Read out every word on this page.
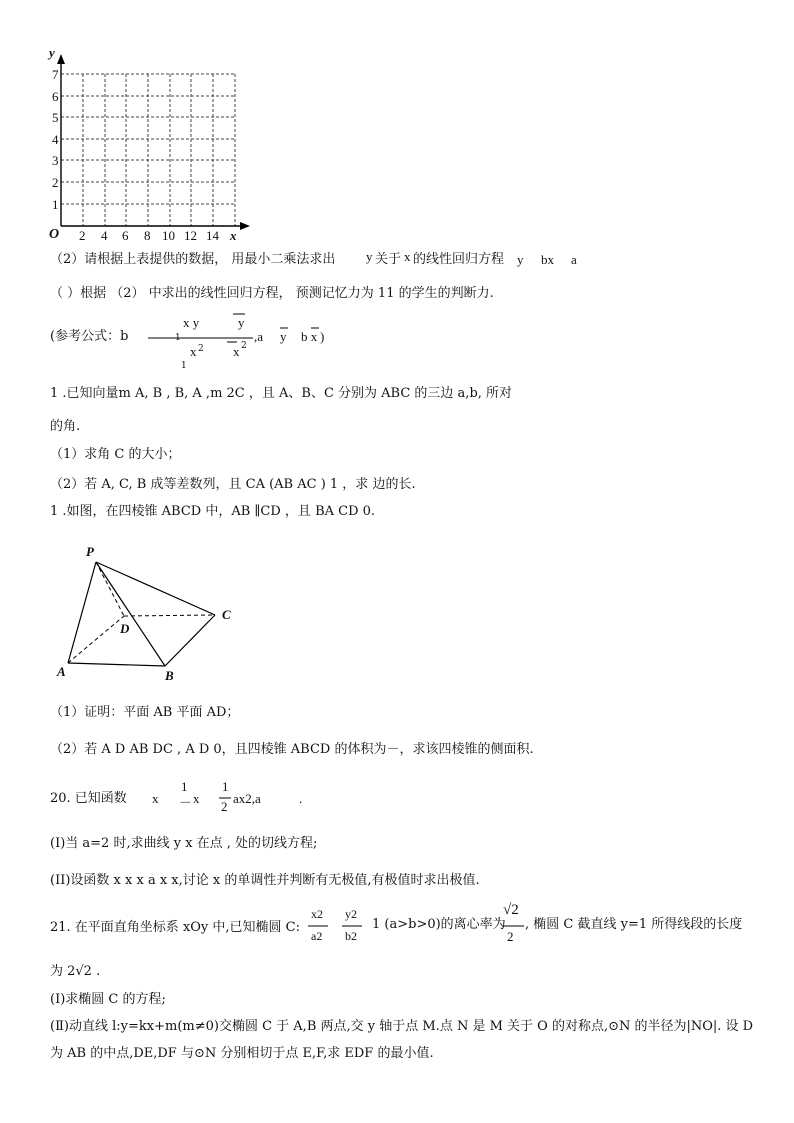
y
x
O
7
6
5
4
3
2
1
2 4 6 8 10 12 14
（2）请根据上表提供的数据， 用最小二乘法求出 y 关于 x 的线性回归方程 y bx a
（ ）根据 （2） 中求出的线性回归方程， 预测记忆力为 11 的学生的判断力.
(参考公式：b
x y	y
1
x 2 x 2
1
,a y b x )
1 .已知向量m A, B , B, A ,m 2C ，且 A、B、C 分别为 ABC 的三边 a,b, 所对
的角.
（1）求角 C 的大小；
（2）若 A, C, B 成等差数列，且 CA (AB AC ) 1 ，求 边的长.
1 .如图，在四棱锥 ABCD 中，AB ∥CD ，且 BA CD 0.
P
D
C
A	B
（1）证明：平面 AB 平面 AD；
（2）若 A D AB DC , A D 0，且四棱锥 ABCD 的体积为－，求该四棱锥的侧面积.
20. 已知函数 x
1
－ x
1
2
ax2,a	.
(I)当 a=2 时,求曲线 y x 在点 , 处的切线方程;
(II)设函数 x x x a x x,讨论 x 的单调性并判断有无极值,有极值时求出极值.
21. 在平面直角坐标系 xOy 中,已知椭圆 C:
x2
a2
y2
b2
1 (a>b>0)的离心率为
√2
2
, 椭圆 C 截直线 y=1 所得线段的长度
为 2√2 .
(Ⅰ)求椭圆 C 的方程;
(Ⅱ)动直线 l:y=kx+m(m≠0)交椭圆 C 于 A,B 两点,交 y 轴于点 M.点 N 是 M 关于 O 的对称点,⊙N 的半径为|NO|. 设 D
为 AB 的中点,DE,DF 与⊙N 分别相切于点 E,F,求 EDF 的最小值.
